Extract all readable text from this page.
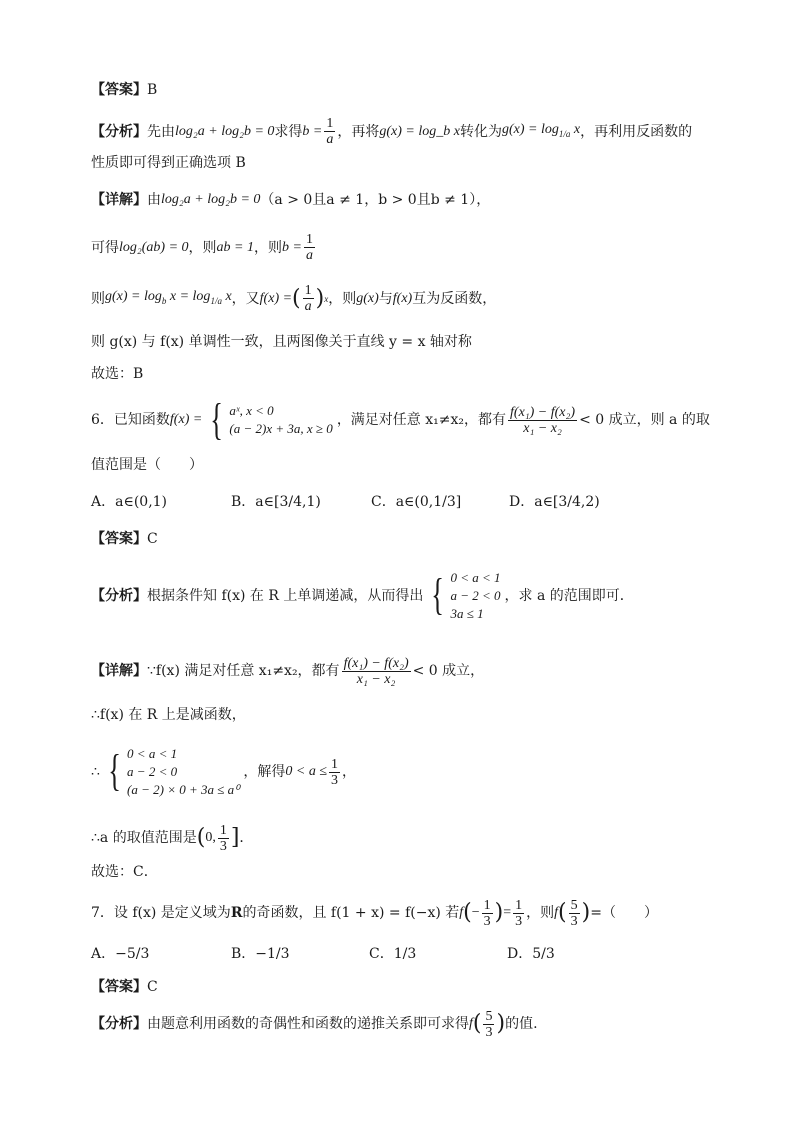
【答案】 B
【分析】 先由 log₂a + log₂b = 0 求得 $b = \frac{1}{a}$ ，再将 g(x) = log_b x 转化为 $g(x) = \log_{1/a} x$ ，再利用反函数的
性质即可得到正确选项 B
【详解】 由 log₂a + log₂b = 0 （a > 0且a ≠ 1，b > 0且b ≠ 1），
可得 log₂(ab) = 0 ，则 ab = 1 ，则 $b = \frac{1}{a}$
则 $g(x) = \log_b x = \log_{1/a} x$ ，又 f(x) = ( $\frac{1}{a}$ ) x ，则 g(x) 与 f(x) 互为反函数，
则 g(x) 与 f(x) 单调性一致，且两图像关于直线 y = x 轴对称
故选：B
6．已知函数 f(x) = { aˣ, x < 0
(a − 2)x + 3a, x ≥ 0
，满足对任意 x₁≠x₂，都有 $\frac{\text{f(x₁) − f(x₂)}}{\text{x₁ − x₂}} < 0$ 成立，则 a 的取
值范围是（　　）
A．a∈(0,1)	B．a∈[3/4,1)	C．a∈(0,1/3]	D．a∈[3/4,2)
【答案】 C
【分析】 根据条件知 f(x) 在 R 上单调递减，从而得出 { 0 < a < 1
a − 2 < 0
3a ≤ 1
，求 a 的范围即可．
【详解】 ∵f(x) 满足对任意 x₁≠x₂，都有 $\frac{\text{f(x₁) − f(x₂)}}{\text{x₁ − x₂}} < 0$ 成立，
∴f(x) 在 R 上是减函数，
∴ { 0 < a < 1
a − 2 < 0
(a − 2) × 0 + 3a ≤ a⁰
，解得 $0 < a \le \frac{1}{3}$ ，
∴a 的取值范围是 ( 0, $\frac{1}{3}$ ] ．
故选：C．
7．设 f(x) 是定义域为 R 的奇函数，且 f(1 + x) = f(−x) 若 f ( − $\frac{1}{3}$ ) = $\frac{1}{3}$ ，则 f ( $\frac{5}{3}$ ) =（　　）
A．−5/3	B．−1/3	C．1/3	D．5/3
【答案】 C
【分析】 由题意利用函数的奇偶性和函数的递推关系即可求得 f ( $\frac{5}{3}$ ) 的值.
